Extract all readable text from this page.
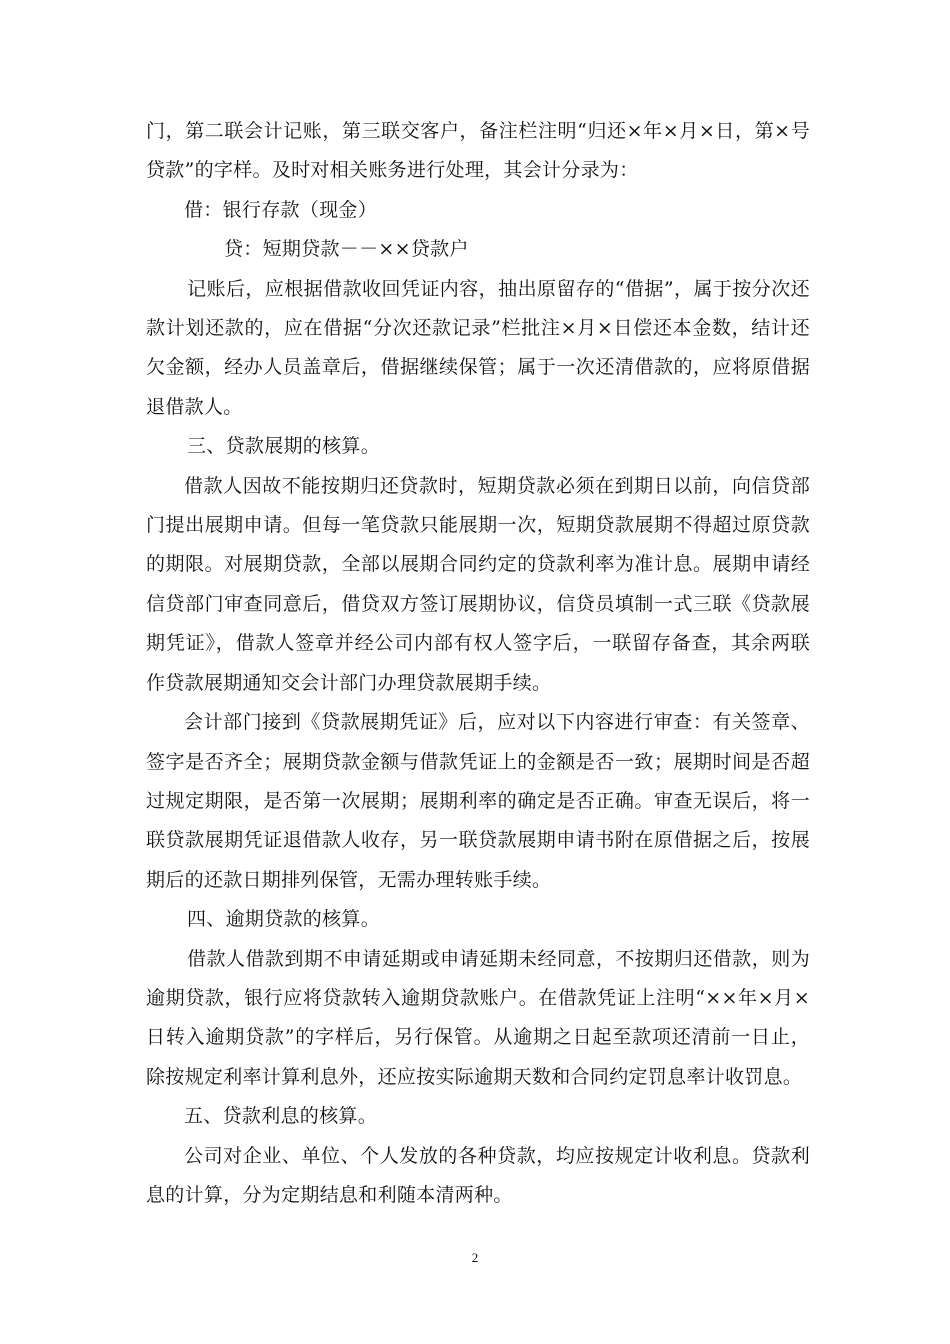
门，第二联会计记账，第三联交客户，备注栏注明“归还×年×月×日，第×号贷款”的字样。及时对相关账务进行处理，其会计分录为：

借：银行存款（现金）

贷：短期贷款－－××贷款户

记账后，应根据借款收回凭证内容，抽出原留存的“借据”，属于按分次还款计划还款的，应在借据“分次还款记录”栏批注×月×日偿还本金数，结计还欠金额，经办人员盖章后，借据继续保管；属于一次还清借款的，应将原借据退借款人。

三、贷款展期的核算。

借款人因故不能按期归还贷款时，短期贷款必须在到期日以前，向信贷部门提出展期申请。但每一笔贷款只能展期一次，短期贷款展期不得超过原贷款的期限。对展期贷款，全部以展期合同约定的贷款利率为准计息。展期申请经信贷部门审查同意后，借贷双方签订展期协议，信贷员填制一式三联《贷款展期凭证》，借款人签章并经公司内部有权人签字后，一联留存备查，其余两联作贷款展期通知交会计部门办理贷款展期手续。

会计部门接到《贷款展期凭证》后，应对以下内容进行审查：有关签章、签字是否齐全；展期贷款金额与借款凭证上的金额是否一致；展期时间是否超过规定期限，是否第一次展期；展期利率的确定是否正确。审查无误后，将一联贷款展期凭证退借款人收存，另一联贷款展期申请书附在原借据之后，按展期后的还款日期排列保管，无需办理转账手续。

四、逾期贷款的核算。

借款人借款到期不申请延期或申请延期未经同意，不按期归还借款，则为逾期贷款，银行应将贷款转入逾期贷款账户。在借款凭证上注明“××年×月×日转入逾期贷款”的字样后，另行保管。从逾期之日起至款项还清前一日止，除按规定利率计算利息外，还应按实际逾期天数和合同约定罚息率计收罚息。

五、贷款利息的核算。

公司对企业、单位、个人发放的各种贷款，均应按规定计收利息。贷款利息的计算，分为定期结息和利随本清两种。

2
